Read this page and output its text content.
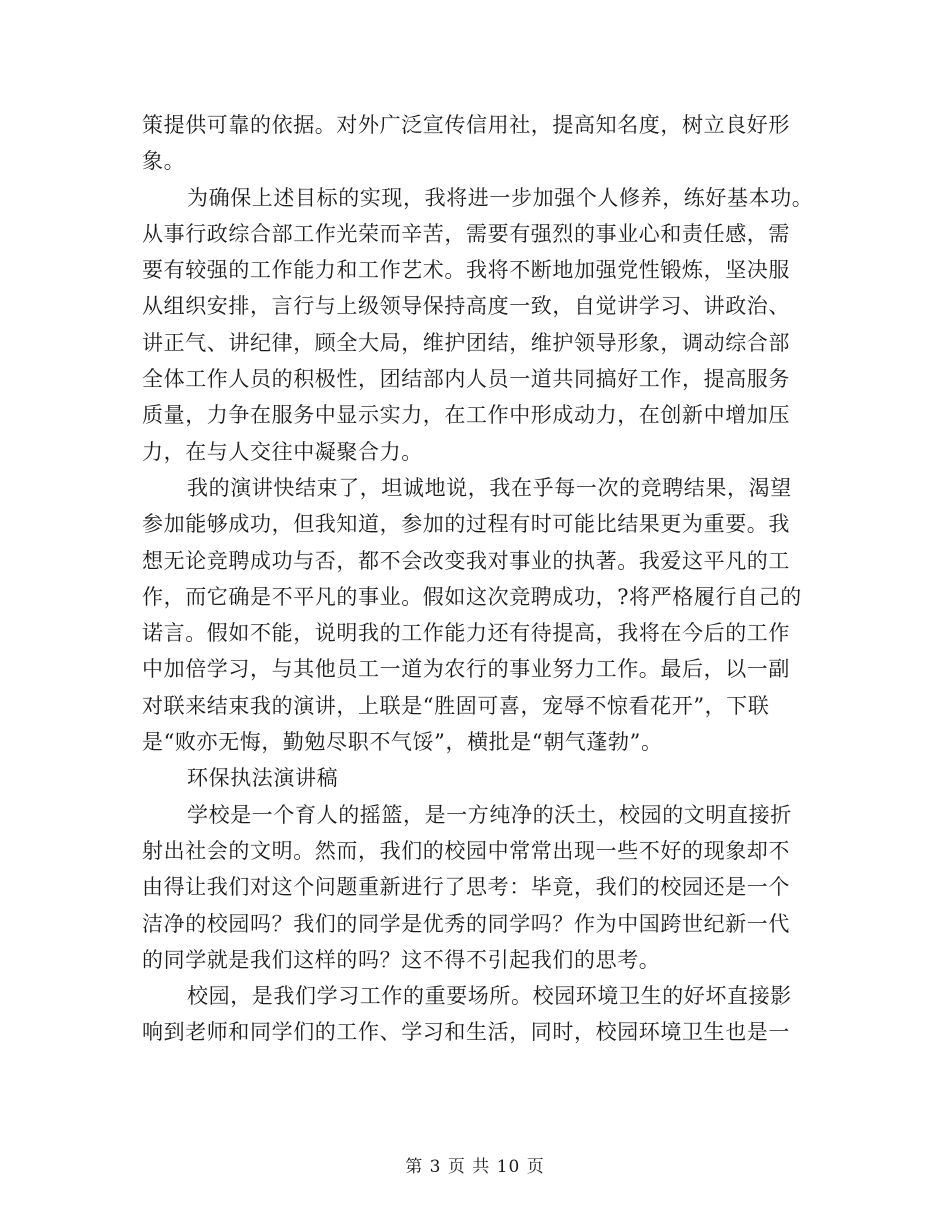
策提供可靠的依据。对外广泛宣传信用社，提高知名度，树立良好形
象。
为确保上述目标的实现，我将进一步加强个人修养，练好基本功。
从事行政综合部工作光荣而辛苦，需要有强烈的事业心和责任感，需
要有较强的工作能力和工作艺术。我将不断地加强党性锻炼，坚决服
从组织安排，言行与上级领导保持高度一致，自觉讲学习、讲政治、
讲正气、讲纪律，顾全大局，维护团结，维护领导形象，调动综合部
全体工作人员的积极性，团结部内人员一道共同搞好工作，提高服务
质量，力争在服务中显示实力，在工作中形成动力，在创新中增加压
力，在与人交往中凝聚合力。
我的演讲快结束了，坦诚地说，我在乎每一次的竞聘结果，渴望
参加能够成功，但我知道，参加的过程有时可能比结果更为重要。我
想无论竞聘成功与否，都不会改变我对事业的执著。我爱这平凡的工
作，而它确是不平凡的事业。假如这次竞聘成功，?将严格履行自己的
诺言。假如不能，说明我的工作能力还有待提高，我将在今后的工作
中加倍学习，与其他员工一道为农行的事业努力工作。最后，以一副
对联来结束我的演讲，上联是“胜固可喜，宠辱不惊看花开”，下联
是“败亦无悔，勤勉尽职不气馁”，横批是“朝气蓬勃”。
环保执法演讲稿
学校是一个育人的摇篮，是一方纯净的沃土，校园的文明直接折
射出社会的文明。然而，我们的校园中常常出现一些不好的现象却不
由得让我们对这个问题重新进行了思考：毕竟，我们的校园还是一个
洁净的校园吗？我们的同学是优秀的同学吗？作为中国跨世纪新一代
的同学就是我们这样的吗？这不得不引起我们的思考。
校园，是我们学习工作的重要场所。校园环境卫生的好坏直接影
响到老师和同学们的工作、学习和生活，同时，校园环境卫生也是一
第 3 页 共 10 页
